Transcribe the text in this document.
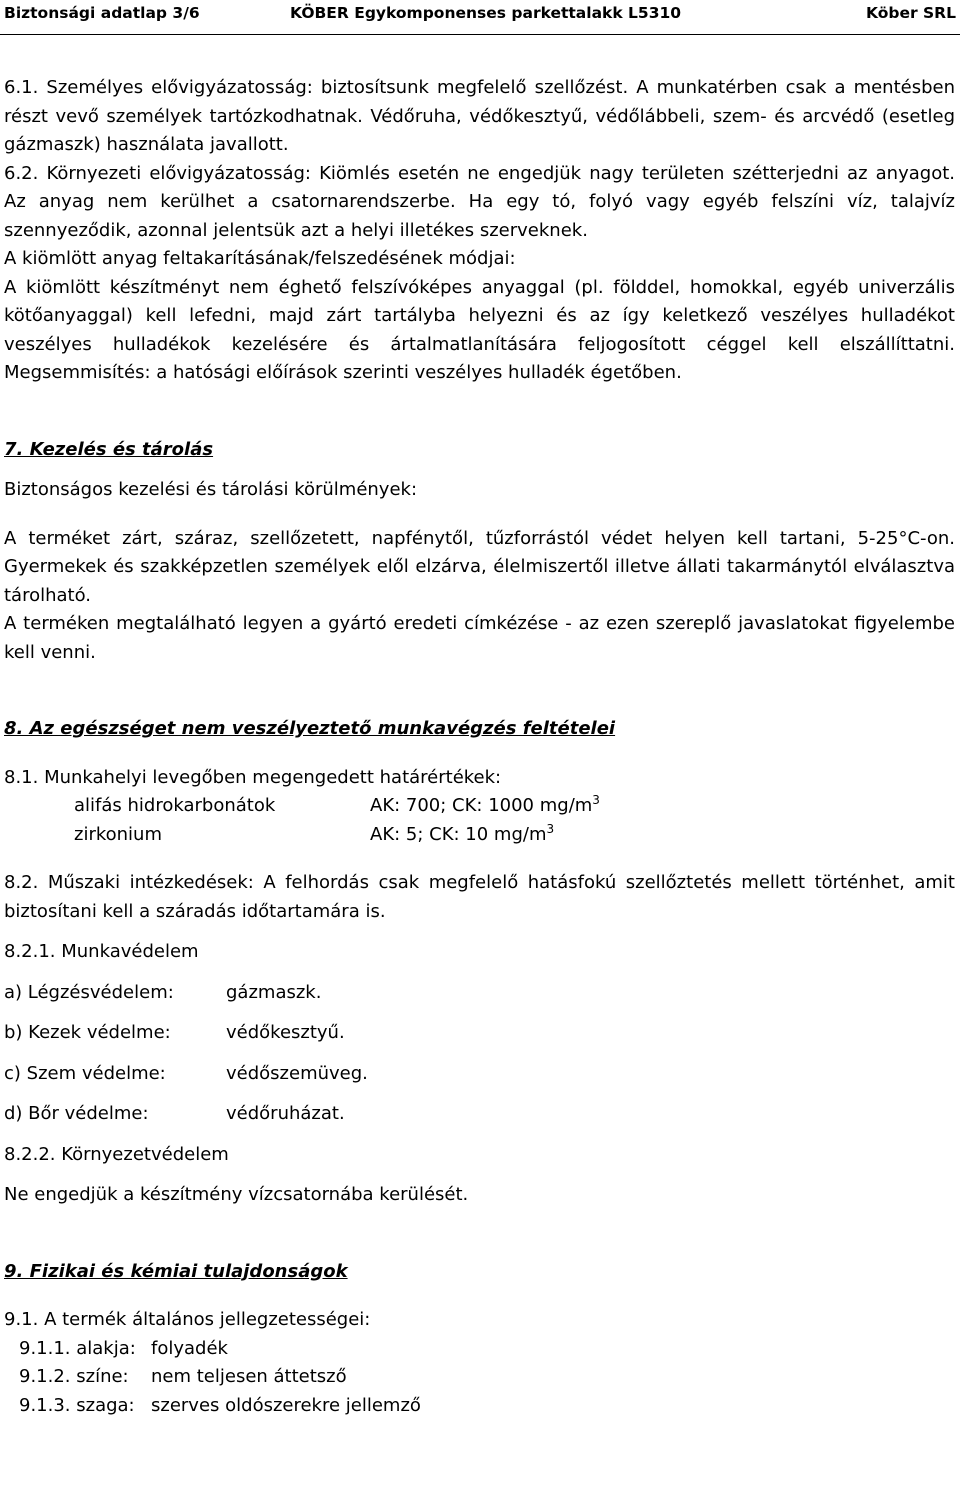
Biztonsági adatlap 3/6	KÖBER Egykomponenses parkettalakk L5310	Köber SRL

6.1. Személyes elővigyázatosság: biztosítsunk megfelelő szellőzést. A munkatérben csak a mentésben részt vevő személyek tartózkodhatnak. Védőruha, védőkesztyű, védőlábbeli, szem- és arcvédő (esetleg gázmaszk) használata javallott.

6.2. Környezeti elővigyázatosság: Kiömlés esetén ne engedjük nagy területen szétterjedni az anyagot. Az anyag nem kerülhet a csatornarendszerbe. Ha egy tó, folyó vagy egyéb felszíni víz, talajvíz szennyeződik, azonnal jelentsük azt a helyi illetékes szerveknek.

A kiömlött anyag feltakarításának/felszedésének módjai:

A kiömlött készítményt nem éghető felszívóképes anyaggal (pl. földdel, homokkal, egyéb univerzális kötőanyaggal) kell lefedni, majd zárt tartályba helyezni és az így keletkező veszélyes hulladékot veszélyes hulladékok kezelésére és ártalmatlanítására feljogosított céggel kell elszállíttatni. Megsemmisítés: a hatósági előírások szerinti veszélyes hulladék égetőben.

7. Kezelés és tárolás

Biztonságos kezelési és tárolási körülmények:

A terméket zárt, száraz, szellőzetett, napfénytől, tűzforrástól védet helyen kell tartani, 5-25°C-on. Gyermekek és szakképzetlen személyek elől elzárva, élelmiszertől illetve állati takarmánytól elválasztva tárolható.

A terméken megtalálható legyen a gyártó eredeti címkézése - az ezen szereplő javaslatokat figyelembe kell venni.

8. Az egészséget nem veszélyeztető munkavégzés feltételei

8.1. Munkahelyi levegőben megengedett határértékek:

alifás hidrokarbonátok	AK: 700; CK: 1000 $mg/m^3$
zirkonium	AK: 5; CK: 10 $mg/m^3$

8.2. Műszaki intézkedések: A felhordás csak megfelelő hatásfokú szellőztetés mellett történhet, amit biztosítani kell a száradás időtartamára is.

8.2.1. Munkavédelem

a) Légzésvédelem:	gázmaszk.
b) Kezek védelme:	védőkesztyű.
c) Szem védelme:	védőszemüveg.
d) Bőr védelme:	védőruházat.

8.2.2. Környezetvédelem

Ne engedjük a készítmény vízcsatornába kerülését.

9. Fizikai és kémiai tulajdonságok

9.1. A termék általános jellegzetességei:

9.1.1. alakja: folyadék
9.1.2. színe: nem teljesen áttetsző
9.1.3. szaga: szerves oldószerekre jellemző
